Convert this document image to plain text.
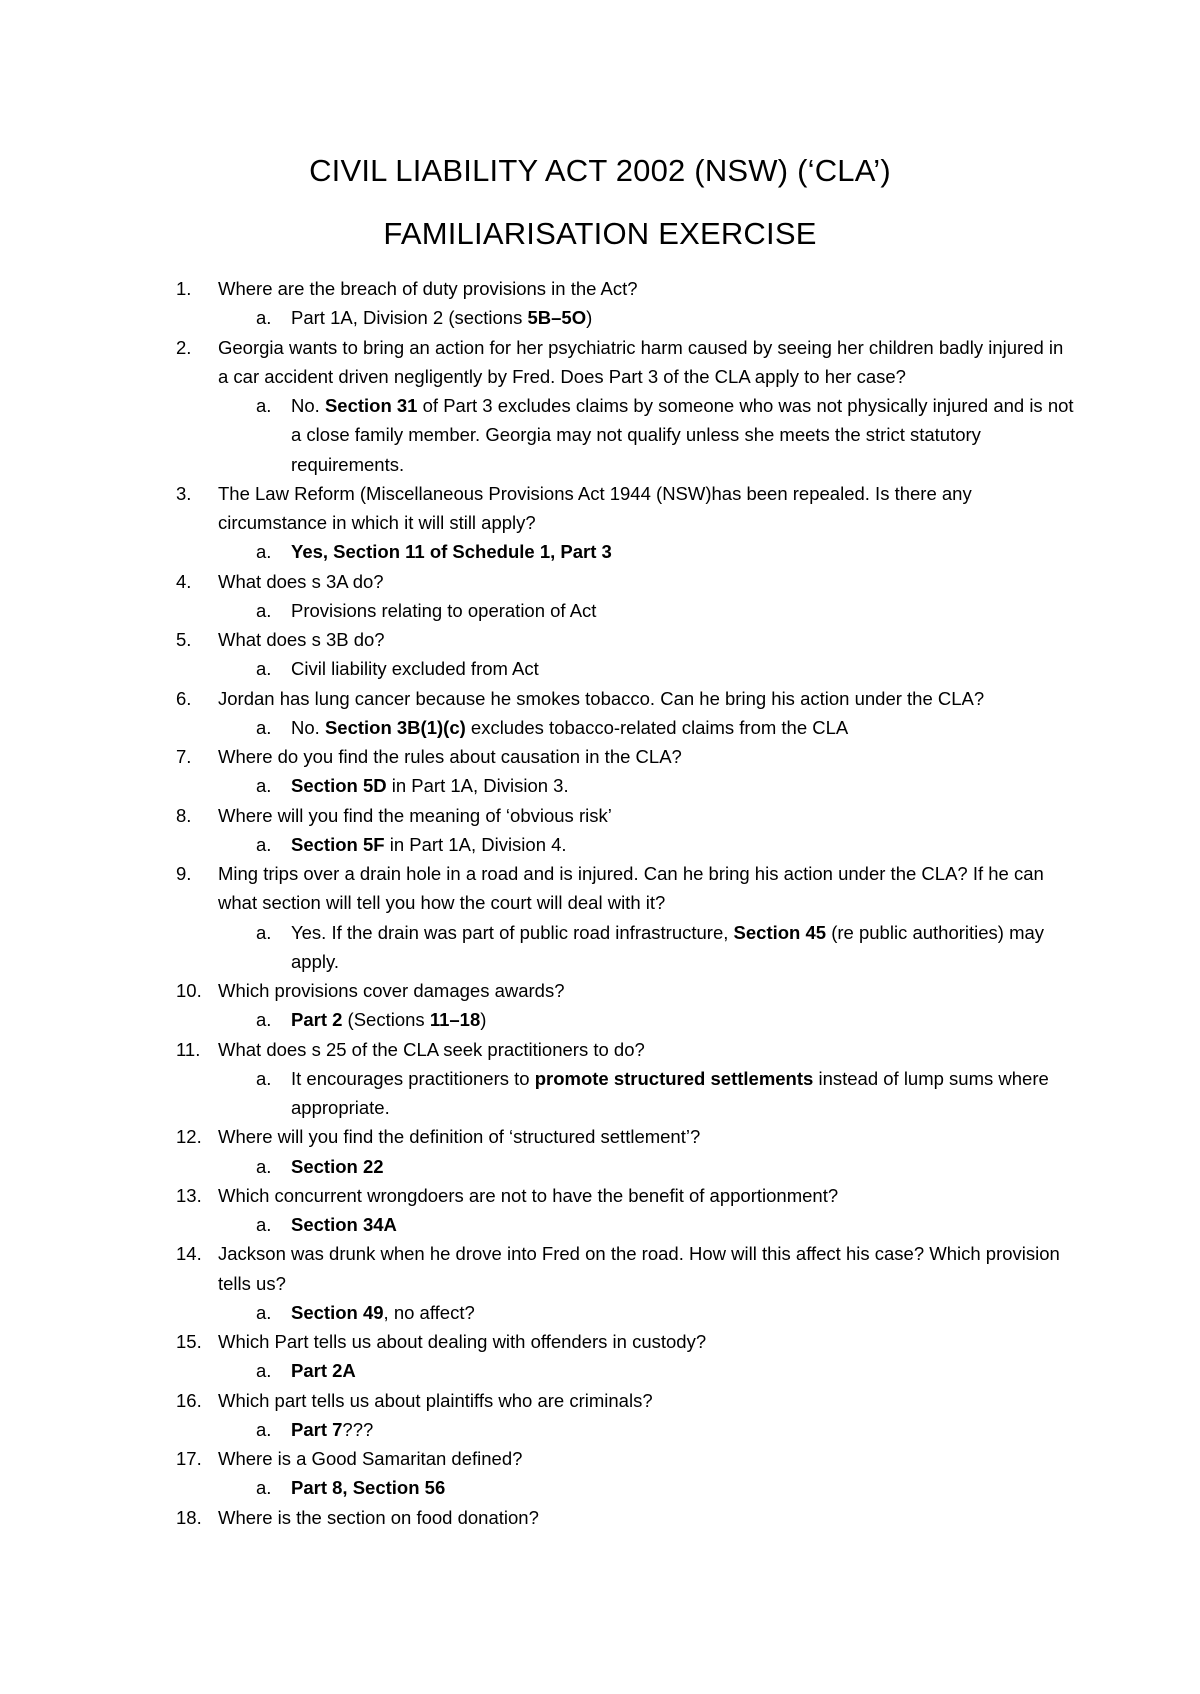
CIVIL LIABILITY ACT 2002 (NSW) (‘CLA’)
FAMILIARISATION EXERCISE
1.	Where are the breach of duty provisions in the Act?
a. Part 1A, Division 2 (sections 5B–5O)
2.	Georgia wants to bring an action for her psychiatric harm caused by seeing her children badly injured in a car accident driven negligently by Fred. Does Part 3 of the CLA apply to her case?
a. No. Section 31 of Part 3 excludes claims by someone who was not physically injured and is not a close family member. Georgia may not qualify unless she meets the strict statutory requirements.
3.	The Law Reform (Miscellaneous Provisions Act 1944 (NSW)has been repealed. Is there any circumstance in which it will still apply?
a. Yes, Section 11 of Schedule 1, Part 3
4.	What does s 3A do?
a. Provisions relating to operation of Act
5.	What does s 3B do?
a. Civil liability excluded from Act
6.	Jordan has lung cancer because he smokes tobacco. Can he bring his action under the CLA?
a. No. Section 3B(1)(c) excludes tobacco-related claims from the CLA
7.	Where do you find the rules about causation in the CLA?
a. Section 5D in Part 1A, Division 3.
8.	Where will you find the meaning of ‘obvious risk’
a. Section 5F in Part 1A, Division 4.
9.	Ming trips over a drain hole in a road and is injured. Can he bring his action under the CLA? If he can what section will tell you how the court will deal with it?
a. Yes. If the drain was part of public road infrastructure, Section 45 (re public authorities) may apply.
10. Which provisions cover damages awards?
a. Part 2 (Sections 11–18)
11. What does s 25 of the CLA seek practitioners to do?
a. It encourages practitioners to promote structured settlements instead of lump sums where appropriate.
12. Where will you find the definition of ‘structured settlement’?
a. Section 22
13. Which concurrent wrongdoers are not to have the benefit of apportionment?
a. Section 34A
14. Jackson was drunk when he drove into Fred on the road. How will this affect his case? Which provision tells us?
a. Section 49, no affect?
15. Which Part tells us about dealing with offenders in custody?
a. Part 2A
16. Which part tells us about plaintiffs who are criminals?
a. Part 7???
17. Where is a Good Samaritan defined?
a. Part 8, Section 56
18. Where is the section on food donation?
